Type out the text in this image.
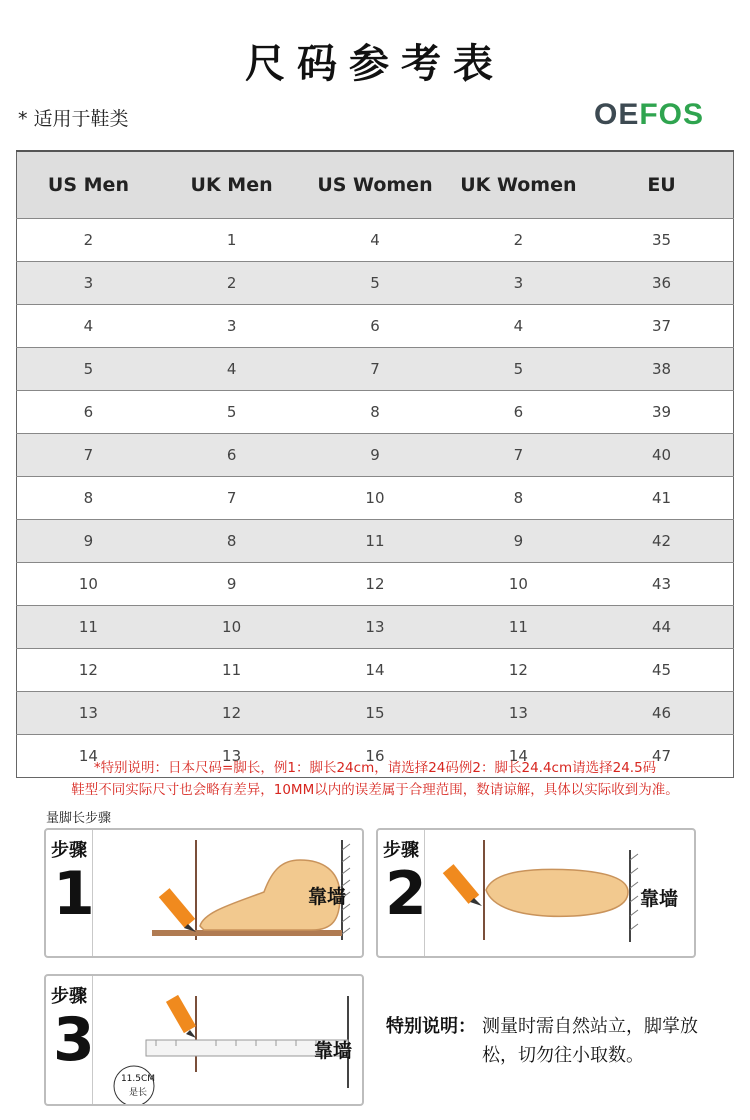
尺码参考表
* 适用于鞋类	OEFOS
US Men	UK Men	US Women	UK Women	EU
2	1	4	2	35
3	2	5	3	36
4	3	6	4	37
5	4	7	5	38
6	5	8	6	39
7	6	9	7	40
8	7	10	8	41
9	8	11	9	42
10	9	12	10	43
11	10	13	11	44
12	11	14	12	45
13	12	15	13	46
14	13	16	14	47
*特别说明：日本尺码=脚长，例1：脚长24cm，请选择24码例2：脚长24.4cm请选择24.5码
鞋型不同实际尺寸也会略有差异，10MM以内的误差属于合理范围，数请谅解，具体以实际收到为准。
量脚长步骤
步骤
1	靠墙
步骤
2	靠墙
步骤
3
11.5CM
是长
靠墙
特别说明： 测量时需自然站立，脚掌放松，切勿往小取数。
